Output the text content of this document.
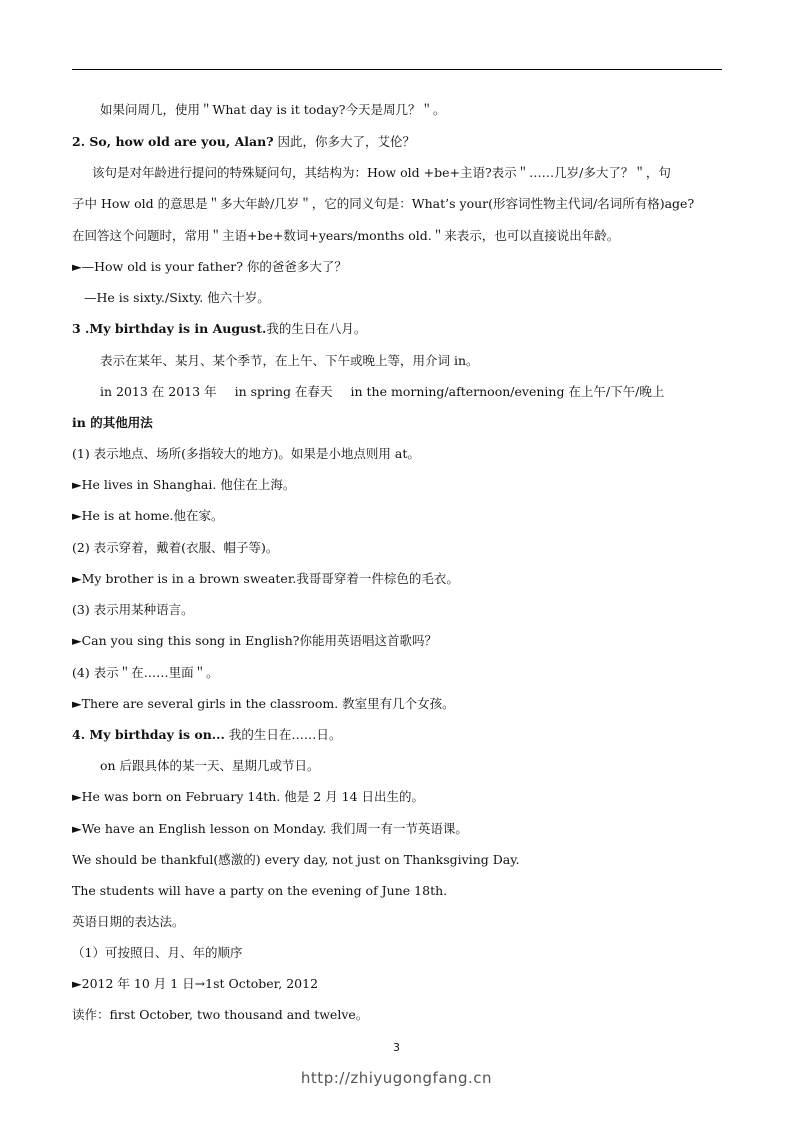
如果问周几，使用＂What day is it today?今天是周几？＂。
2. So, how old are you, Alan? 因此，你多大了，艾伦？
该句是对年龄进行提问的特殊疑问句，其结构为：How old +be+主语?表示＂……几岁/多大了？＂，句
子中 How old 的意思是＂多大年龄/几岁＂，它的同义句是：What’s your(形容词性物主代词/名词所有格)age?
在回答这个问题时，常用＂主语+be+数词+years/months old.＂来表示，也可以直接说出年龄。
►—How old is your father? 你的爸爸多大了？
—He is sixty./Sixty. 他六十岁。
3 .My birthday is in August.我的生日在八月。
表示在某年、某月、某个季节，在上午、下午或晚上等，用介词 in。
in 2013 在 2013 年 in spring 在春天 in the morning/afternoon/evening 在上午/下午/晚上
in 的其他用法
(1) 表示地点、场所(多指较大的地方)。如果是小地点则用 at。
►He lives in Shanghai. 他住在上海。
►He is at home.他在家。
(2) 表示穿着，戴着(衣服、帽子等)。
►My brother is in a brown sweater.我哥哥穿着一件棕色的毛衣。
(3) 表示用某种语言。
►Can you sing this song in English?你能用英语唱这首歌吗？
(4) 表示＂在……里面＂。
►There are several girls in the classroom. 教室里有几个女孩。
4. My birthday is on... 我的生日在……日。
on 后跟具体的某一天、星期几或节日。
►He was born on February 14th. 他是 2 月 14 日出生的。
►We have an English lesson on Monday. 我们周一有一节英语课。
We should be thankful(感激的) every day, not just on Thanksgiving Day.
The students will have a party on the evening of June 18th.
英语日期的表达法。
（1）可按照日、月、年的顺序
►2012 年 10 月 1 日→1st October, 2012
读作：first October, two thousand and twelve。
3
http://zhiyugongfang.cn
